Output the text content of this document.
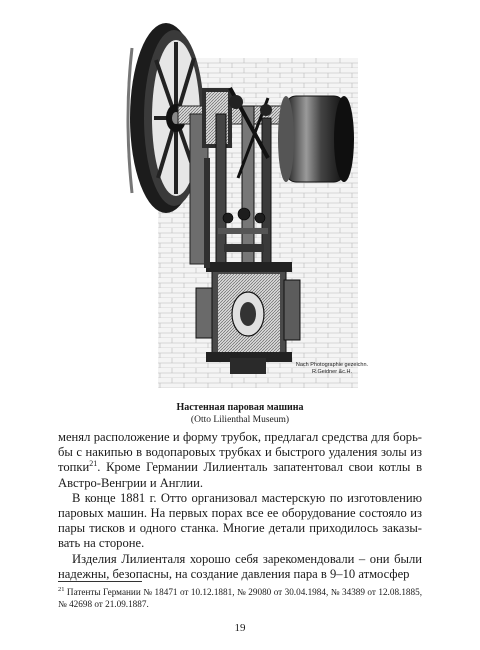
Nach Photographie gezeichn.
R.Geidner &c.H.
Настенная паровая машина
(Otto Lilienthal Museum)

менял расположение и форму трубок, предлагал средства для борь- бы с накипью в водопаровых трубках и быстрого удаления золы из топки$^{21}$. Кроме Германии Лилиенталь запатентовал свои котлы в Австро-Венгрии и Англии.

В конце 1881 г. Отто организовал мастерскую по изготовлению паровых машин. На первых порах все ее оборудование состояло из пары тисков и одного станка. Многие детали приходилось заказы- вать на стороне.

Изделия Лилиенталя хорошо себя зарекомендовали – они были надежны, безопасны, на создание давления пара в 9–10 атмосфер

$^{21}$ Патенты Германии № 18471 от 10.12.1881, № 29080 от 30.04.1984, № 34389 от 12.08.1885, № 42698 от 21.09.1887.
19
